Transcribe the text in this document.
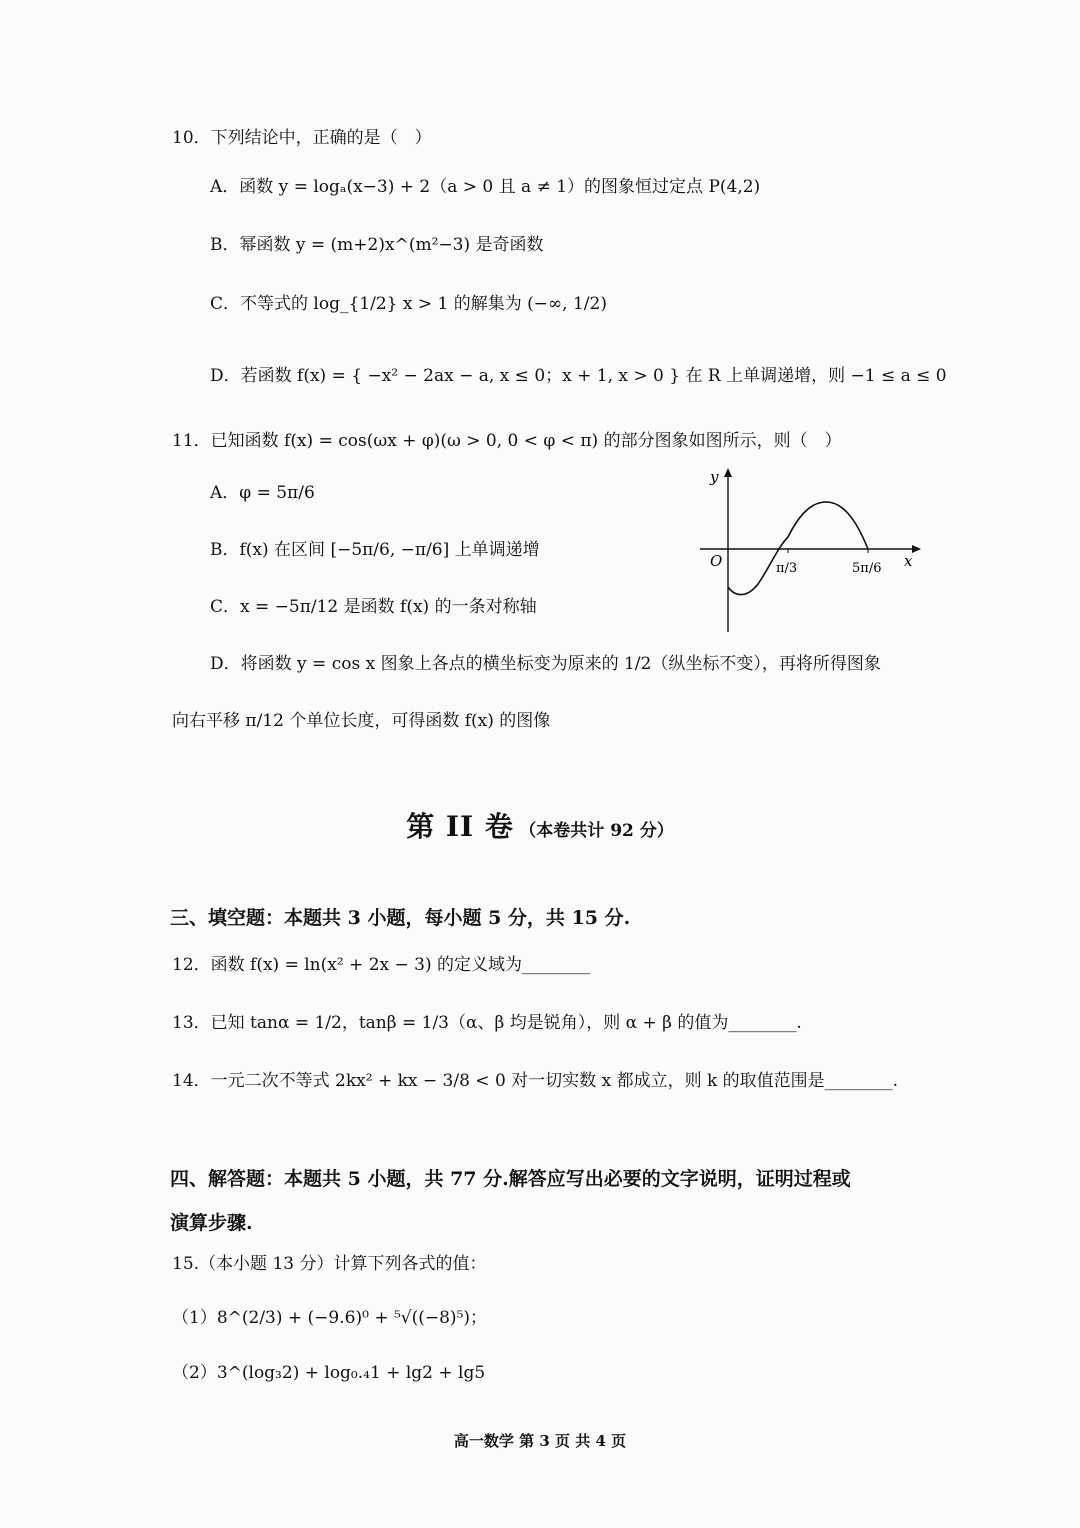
10．下列结论中，正确的是（　）
A．函数 y = logₐ(x−3) + 2（a > 0 且 a ≠ 1）的图象恒过定点 P(4,2)
B．幂函数 y = (m+2)x^(m²−3) 是奇函数
C．不等式的 log_{1/2} x > 1 的解集为 (−∞, 1/2)
D．若函数 f(x) = { −x² − 2ax − a, x ≤ 0；x + 1, x > 0 } 在 R 上单调递增，则 −1 ≤ a ≤ 0
11．已知函数 f(x) = cos(ωx + φ)(ω > 0, 0 < φ < π) 的部分图象如图所示，则（　）
A．φ = 5π/6
B．f(x) 在区间 [−5π/6, −π/6] 上单调递增
C．x = −5π/12 是函数 f(x) 的一条对称轴
D．将函数 y = cos x 图象上各点的横坐标变为原来的 1/2（纵坐标不变），再将所得图象
向右平移 π/12 个单位长度，可得函数 f(x) 的图像
y
x
O	π/3	5π/6
第 II 卷 （本卷共计 92 分）
三、填空题：本题共 3 小题，每小题 5 分，共 15 分.
12．函数 f(x) = ln(x² + 2x − 3) 的定义域为________
13．已知 tanα = 1/2，tanβ = 1/3（α、β 均是锐角），则 α + β 的值为________.
14．一元二次不等式 2kx² + kx − 3/8 < 0 对一切实数 x 都成立，则 k 的取值范围是________.
四、解答题：本题共 5 小题，共 77 分.解答应写出必要的文字说明，证明过程或
演算步骤.
15.（本小题 13 分）计算下列各式的值：
（1）8^(2/3) + (−9.6)⁰ + ⁵√((−8)⁵)；
（2）3^(log₃2) + log₀.₄1 + lg2 + lg5
高一数学 第 3 页 共 4 页
